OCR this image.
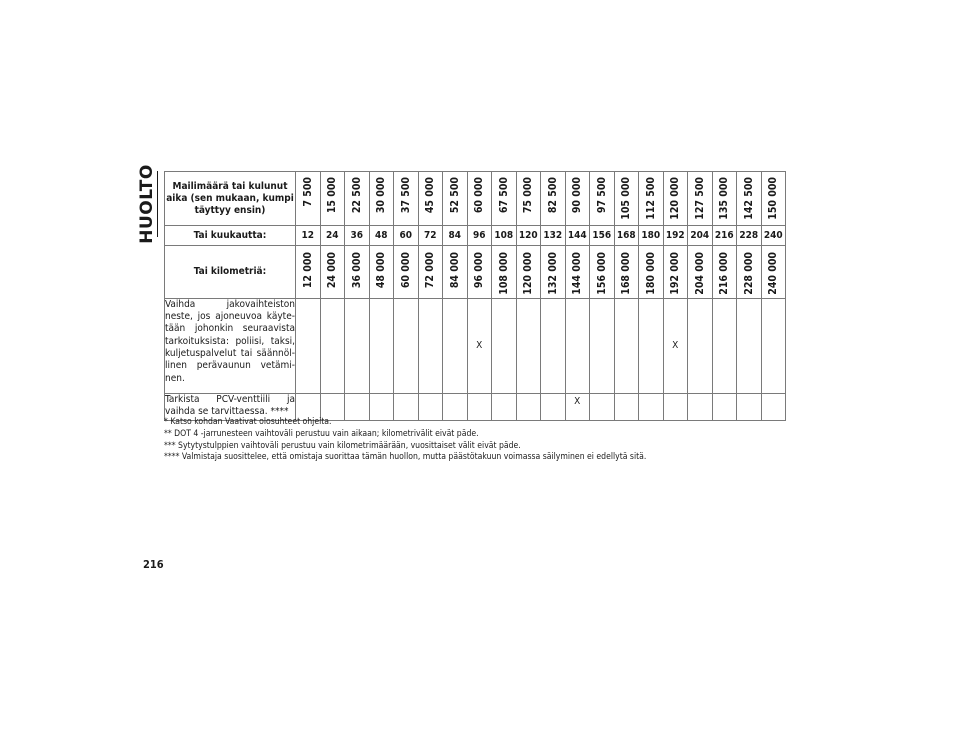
HUOLTO Mailimäärä tai kulunut aika (sen mukaan, kumpi täyttyy ensin)	7 500	15 000	22 500	30 000	37 500	45 000	52 500	60 000	67 500	75 000	82 500	90 000	97 500	105 000	112 500	120 000	127 500	135 000	142 500	150 000
Tai kuukautta:	12	24	36	48	60	72	84	96	108	120	132	144	156	168	180	192	204	216	228	240
Tai kilometriä:	12 000	24 000	36 000	48 000	60 000	72 000	84 000	96 000	108 000	120 000	132 000	144 000	156 000	168 000	180 000	192 000	204 000	216 000	228 000	240 000
Vaihda jakovaihteiston neste, jos ajoneuvoa käyte-tään johonkin seuraavista tarkoituksista: poliisi, taksi, kuljetuspalvelut tai säännöl-linen perävaunun vetämi-nen.								X								X				
Tarkista PCV-venttiili ja vaihda se tarvittaessa. ****												X								
* Katso kohdan Vaativat olosuhteet ohjeita.
** DOT 4 -jarrunesteen vaihtoväli perustuu vain aikaan; kilometrivälit eivät päde.
*** Sytytystulppien vaihtoväli perustuu vain kilometrimäärään, vuosittaiset välit eivät päde.
**** Valmistaja suosittelee, että omistaja suorittaa tämän huollon, mutta päästötakuun voimassa säilyminen ei edellytä sitä.
216
